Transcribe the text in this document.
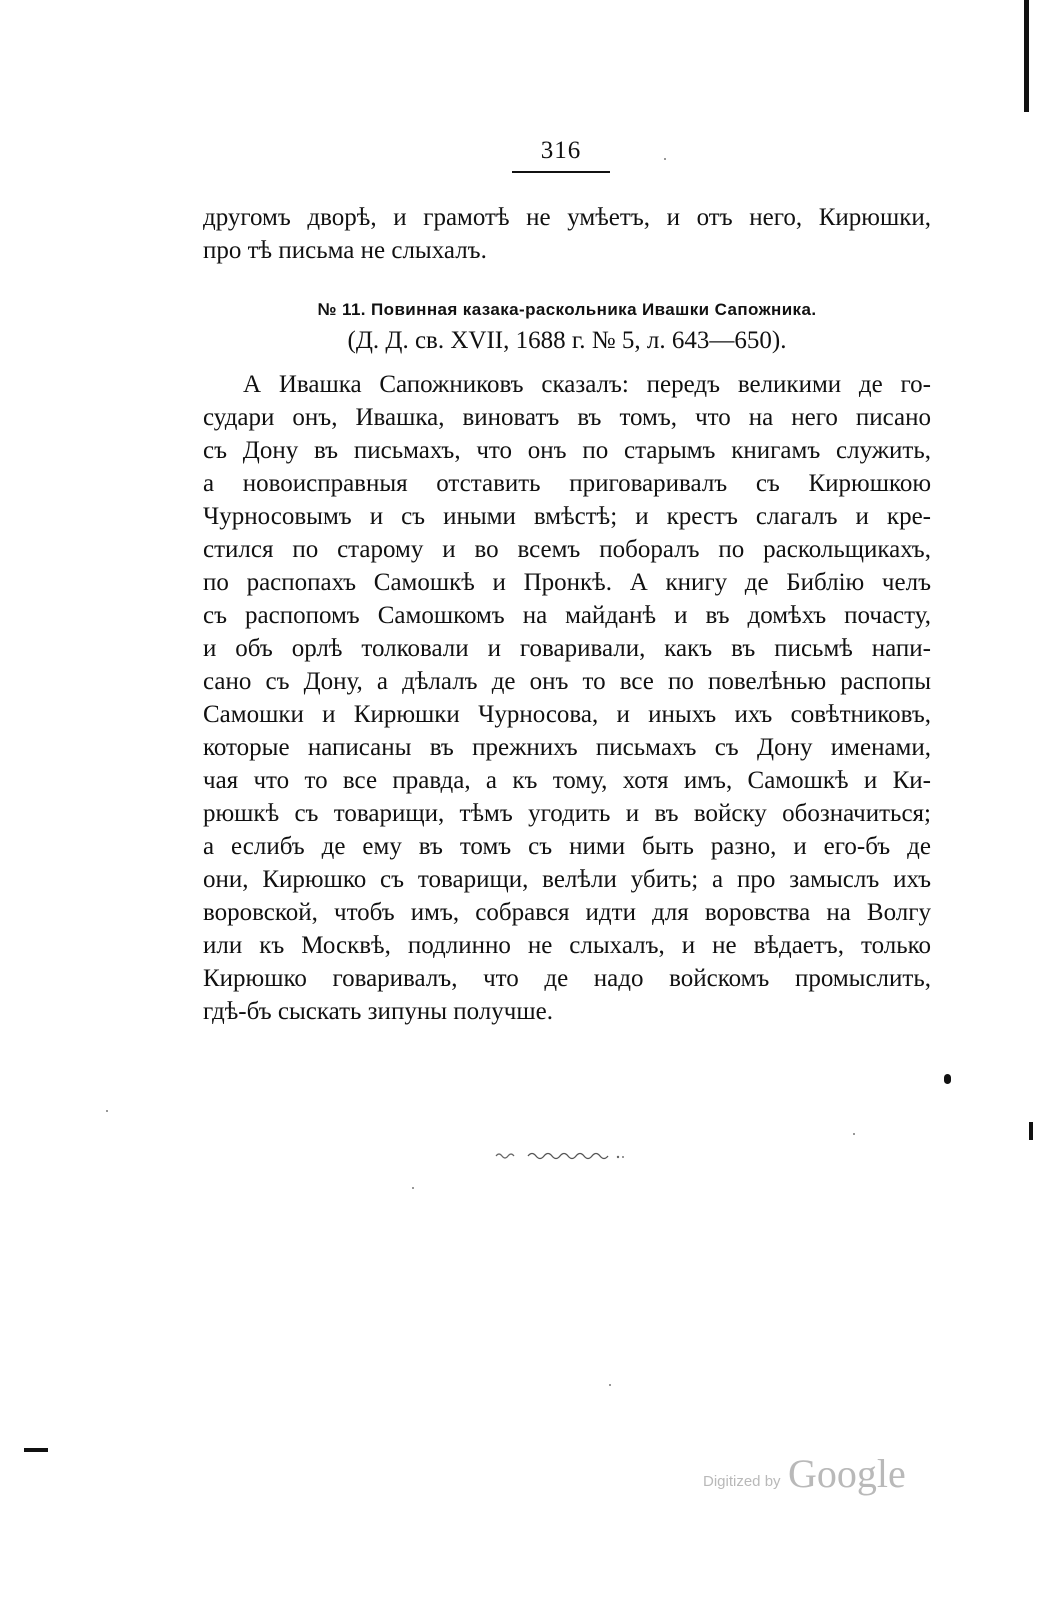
316
другомъ дворѣ, и грамотѣ не умѣетъ, и отъ него, Кирюшки,
про тѣ письма не слыхалъ.
№ 11. Повинная казака-раскольника Ивашки Сапожника.
(Д. Д. св. XVII, 1688 г. № 5, л. 643—650).
А Ивашка Сапожниковъ сказалъ: передъ великими де го-
судари онъ, Ивашка, виноватъ въ томъ, что на него писано
съ Дону въ письмахъ, что онъ по старымъ книгамъ служить,
а новоисправныя отставить приговаривалъ съ Кирюшкою
Чурносовымъ и съ иными вмѣстѣ; и крестъ слагалъ и кре-
стился по старому и во всемъ поборалъ по раскольщикахъ,
по распопахъ Самошкѣ и Пронкѣ. А книгу де Библію челъ
съ распопомъ Самошкомъ на майданѣ и въ домѣхъ почасту,
и объ орлѣ толковали и говаривали, какъ въ письмѣ напи-
сано съ Дону, а дѣлалъ де онъ то все по повелѣнью распопы
Самошки и Кирюшки Чурносова, и иныхъ ихъ совѣтниковъ,
которые написаны въ прежнихъ письмахъ съ Дону именами,
чая что то все правда, а къ тому, хотя имъ, Самошкѣ и Ки-
рюшкѣ съ товарищи, тѣмъ угодить и въ войску обозначиться;
а еслибъ де ему въ томъ съ ними быть разно, и его-бъ де
они, Кирюшко съ товарищи, велѣли убить; а про замыслъ ихъ
воровской, чтобъ имъ, собрався идти для воровства на Волгу
или къ Москвѣ, подлинно не слыхалъ, и не вѣдаетъ, только
Кирюшко говаривалъ, что де надо войскомъ промыслить,
гдѣ-бъ сыскать зипуны получше.
Digitized by Google
